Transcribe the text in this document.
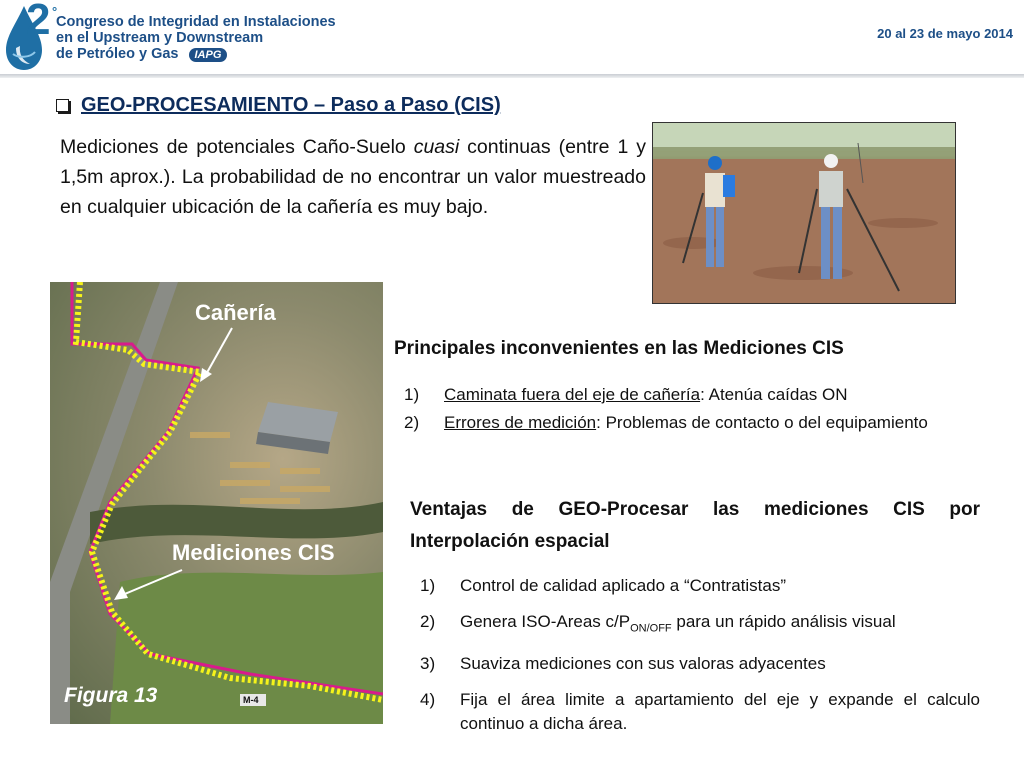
2 °
Congreso de Integridad en Instalaciones
en el Upstream y Downstream
de Petróleo y Gas IAPG
20 al 23 de mayo 2014
GEO-PROCESAMIENTO – Paso a Paso (CIS)
Mediciones de potenciales Caño-Suelo cuasi continuas (entre 1 y 1,5m aprox.). La probabilidad de no encontrar un valor muestreado en cualquier ubicación de la cañería es muy bajo.
Cañería
Mediciones CIS
Figura 13	M-4
Principales inconvenientes en las Mediciones CIS
1)	Caminata fuera del eje de cañería: Atenúa caídas ON
2)	Errores de medición: Problemas de contacto o del equipamiento
Ventajas de GEO-Procesar las mediciones CIS por Interpolación espacial
1)	Control de calidad aplicado a “Contratistas”
2)	Genera ISO-Areas $c/P_{ON/OFF}$ para un rápido análisis visual
3)	Suaviza mediciones con sus valoras adyacentes
4)	Fija el área limite a apartamiento del eje y expande el calculo continuo a dicha área.
